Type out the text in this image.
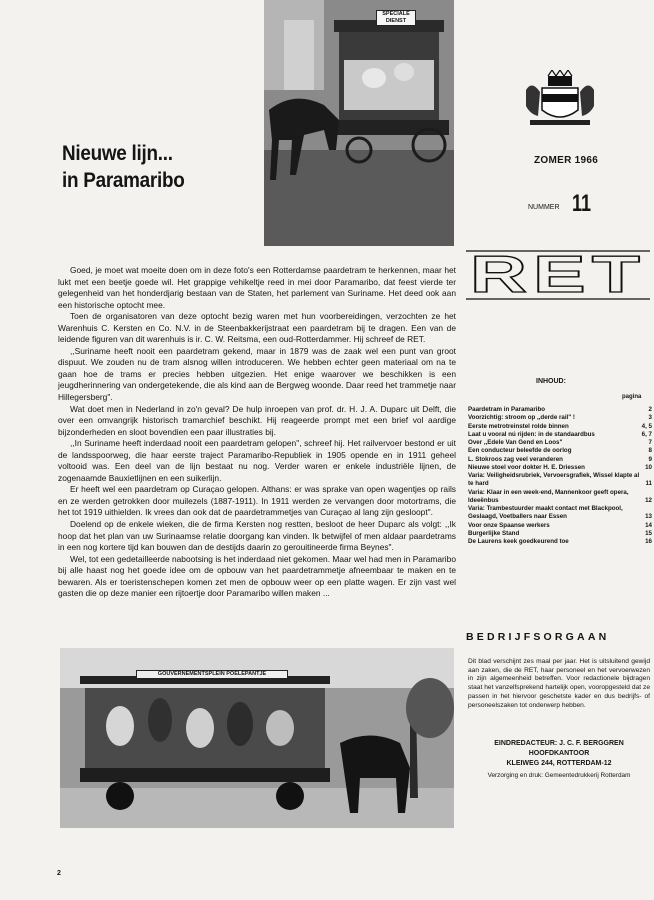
SPECIALE
DIENST
Nieuwe lijn...
in Paramaribo
ZOMER 1966
NUMMER 11
RET

Goed, je moet wat moeite doen om in deze foto's een Rotterdamse paardetram te herkennen, maar het lukt met een beetje goede wil. Het grappige vehikeltje reed in mei door Paramaribo, dat feest vierde ter gelegenheid van het honderdjarig bestaan van de Staten, het parlement van Suriname. Het deed ook aan een historische optocht mee.

Toen de organisatoren van deze optocht bezig waren met hun voorbereidingen, verzochten ze het Warenhuis C. Kersten en Co. N.V. in de Steenbakkerijstraat een paardetram bij te dragen. Een van de leidende figuren van dit warenhuis is ir. C. W. Reitsma, een oud-Rotterdammer. Hij schreef de RET.

,,Suriname heeft nooit een paardetram gekend, maar in 1879 was de zaak wel een punt van groot dispuut. We zouden nu de tram alsnog willen introduceren. We hebben echter geen materiaal om na te gaan hoe de trams er precies hebben uitgezien. Het enige waarover we beschikken is een jeugdherinnering van ondergetekende, die als kind aan de Bergweg woonde. Daar reed het trammetje naar Hillegersberg".

Wat doet men in Nederland in zo'n geval? De hulp inroepen van prof. dr. H. J. A. Duparc uit Delft, die over een omvangrijk historisch tramarchief beschikt. Hij reageerde prompt met een brief vol aardige bijzonderheden en sloot bovendien een paar illustraties bij.

,,In Suriname heeft inderdaad nooit een paardetram gelopen", schreef hij. Het railvervoer bestond er uit de landsspoorweg, die haar eerste traject Paramaribo-Republiek in 1905 opende en in 1911 geheel voltooid was. Een deel van de lijn bestaat nu nog. Verder waren er enkele industriële lijnen, de zogenaamde Bauxietlijnen en een suikerlijn.

Er heeft wel een paardetram op Curaçao gelopen. Althans: er was sprake van open wagentjes op rails en ze werden getrokken door muilezels (1887-1911). In 1911 werden ze vervangen door motortrams, die het tot 1919 uithielden. Ik vrees dan ook dat de paardetrammetjes van Curaçao al lang zijn gesloopt".

Doelend op de enkele wieken, die de firma Kersten nog restten, besloot de heer Duparc als volgt: ,,Ik hoop dat het plan van uw Surinaamse relatie doorgang kan vinden. Ik betwijfel of men aldaar paardetrams in een nog kortere tijd kan bouwen dan de destijds daarin zo gerouitineerde firma Beynes".

Wel, tot een gedetailleerde nabootsing is het inderdaad niet gekomen. Maar wel had men in Paramaribo bij alle haast nog het goede idee om de opbouw van het paardetrammetje afneembaar te maken en te bewaren. Als er toeristenschepen komen zet men de opbouw weer op een platte wagen. Er zijn vast wel gasten die op deze manier een rijtoertje door Paramaribo willen maken ...

INHOUD:
pagina
Paardetram in Paramaribo	2
Voorzichtig: stroom op ,,derde rail" !	3
Eerste metrotreinstel rolde binnen	4, 5
Laat u vooral nú rijden: in de standaardbus	6, 7
Over ,,Edele Van Gend en Loos"	7
Een conducteur beleefde de oorlog	8
L. Stokroos zag veel veranderen	9
Nieuwe stoel voor dokter H. E. Driessen	10
Varia: Veiligheidsrubriek, Vervoersgrafiek, Wissel klapte al te hard	11
Varia: Klaar in een week-end, Mannenkoor geeft opera, Ideeënbus	12
Varia: Trambestuurder maakt contact met Blackpool, Geslaagd, Voetballers naar Essen	13
Voor onze Spaanse werkers	14
Burgerlijke Stand	15
De Laurens keek goedkeurend toe	16
BEDRIJFSORGAAN
Dit blad verschijnt zes maal per jaar. Het is uitsluitend gewijd aan zaken, die de RET, haar personeel en het vervoerwezen in zijn algemeenheid betreffen. Voor redactionele bijdragen staat het vanzelfsprekend hartelijk open, vooropgesteld dat ze passen in het hiervoor geschetste kader en dus bedrijfs- of personeelszaken tot onderwerp hebben.
EINDREDACTEUR: J. C. F. BERGGREN
HOOFDKANTOOR
KLEIWEG 244, ROTTERDAM-12
Verzorging en druk: Gemeentedrukkerij Rotterdam
GOUVERNEMENTSPLEIN POELEPANTJE
2
